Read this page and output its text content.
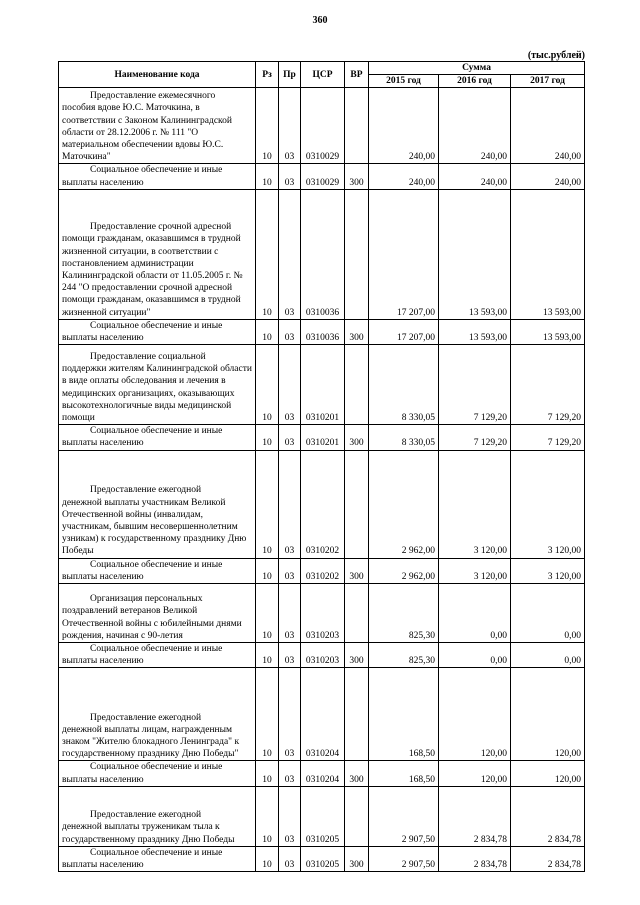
360
(тыс.рублей)
Наименование кода	Рз	Пр	ЦСР	ВР	Сумма		
					2015 год	2016 год	2017 год
Предоставление ежемесячного
пособия вдове Ю.С. Маточкина, в соответствии с Законом Калининградской области от 28.12.2006 г. № 111 "О материальном обеспечении вдовы Ю.С. Маточкина"	10	03	0310029		240,00	240,00	240,00
Социальное обеспечение и иные
выплаты населению	10	03	0310029	300	240,00	240,00	240,00
Предоставление срочной адресной
помощи гражданам, оказавшимся в трудной жизненной ситуации, в соответствии с постановлением администрации Калининградской области от 11.05.2005 г. № 244 "О предоставлении срочной адресной помощи гражданам, оказавшимся в трудной жизненной ситуации"	10	03	0310036		17 207,00	13 593,00	13 593,00
Социальное обеспечение и иные
выплаты населению	10	03	0310036	300	17 207,00	13 593,00	13 593,00
Предоставление социальной
поддержки жителям Калининградской области в виде оплаты обследования и лечения в медицинских организациях, оказывающих высокотехнологичные виды медицинской помощи	10	03	0310201		8 330,05	7 129,20	7 129,20
Социальное обеспечение и иные
выплаты населению	10	03	0310201	300	8 330,05	7 129,20	7 129,20
Предоставление ежегодной
денежной выплаты участникам Великой Отечественной войны (инвалидам, участникам, бывшим несовершеннолетним узникам) к государственному празднику Дню Победы	10	03	0310202		2 962,00	3 120,00	3 120,00
Социальное обеспечение и иные
выплаты населению	10	03	0310202	300	2 962,00	3 120,00	3 120,00
Организация персональных
поздравлений ветеранов Великой Отечественной войны с юбилейными днями рождения, начиная с 90-летия	10	03	0310203		825,30	0,00	0,00
Социальное обеспечение и иные
выплаты населению	10	03	0310203	300	825,30	0,00	0,00
Предоставление ежегодной
денежной выплаты лицам, награжденным знаком "Жителю блокадного Ленинграда" к государственному празднику Дню Победы"	10	03	0310204		168,50	120,00	120,00
Социальное обеспечение и иные
выплаты населению	10	03	0310204	300	168,50	120,00	120,00
Предоставление ежегодной
денежной выплаты труженикам тыла к государственному празднику Дню Победы	10	03	0310205		2 907,50	2 834,78	2 834,78
Социальное обеспечение и иные
выплаты населению	10	03	0310205	300	2 907,50	2 834,78	2 834,78
